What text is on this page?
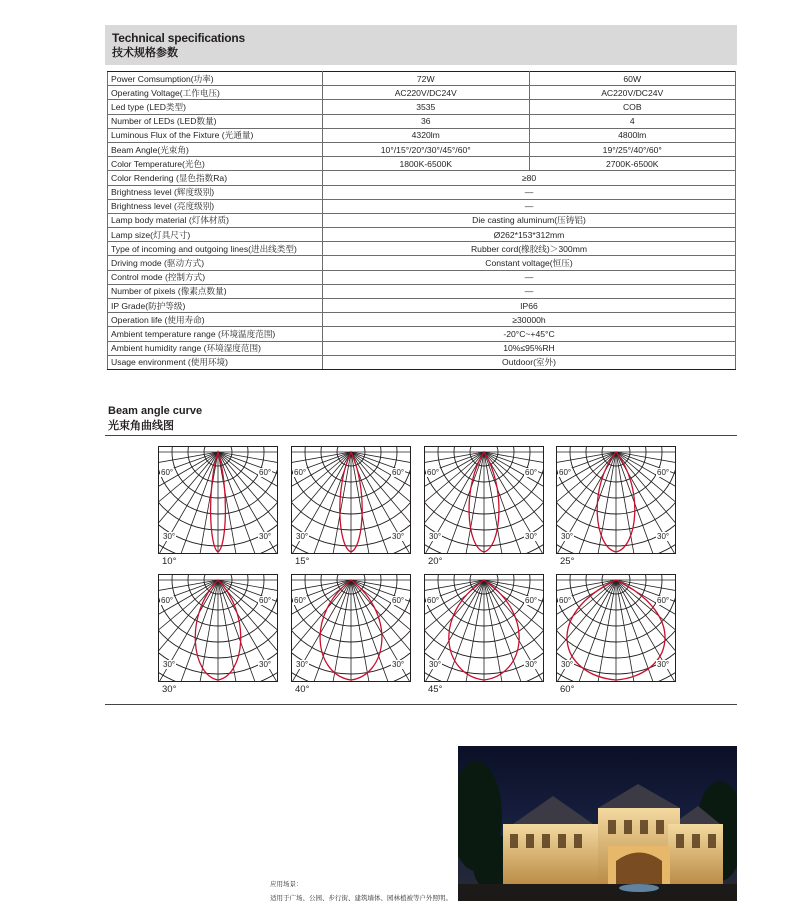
Technical specifications
技术规格参数
Power Comsumption(功率)	72W	60W
Operating Voltage(工作电压)	AC220V/DC24V	AC220V/DC24V
Led type (LED类型)	3535	COB
Number of LEDs (LED数量)	36	4
Luminous Flux of the Fixture (光通量)	4320lm	4800lm
Beam Angle(光束角)	10°/15°/20°/30°/45°/60°	19°/25°/40°/60°
Color Temperature(光色)	1800K-6500K	2700K-6500K
Color Rendering (显色指数Ra)	≥80	
Brightness level (辉度级别)	—	
Brightness level (亮度级别)	—	
Lamp body material (灯体材质)	Die casting aluminum(压铸铝)	
Lamp size(灯具尺寸)	Ø262*153*312mm	
Type of incoming and outgoing lines(进出线类型)	Rubber cord(橡胶线)＞300mm	
Driving mode (驱动方式)	Constant voltage(恒压)	
Control mode (控制方式)	—	
Number of pixels (像素点数量)	—	
IP Grade(防护等级)	IP66	
Operation life (使用寿命)	≥30000h	
Ambient temperature range (环境温度范围)	-20°C~+45°C	
Ambient humidity range (环境湿度范围)	10%≤95%RH	
Usage environment (使用环境)	Outdoor(室外)	
Beam angle curve
光束角曲线图
60°	60°
30°	30°
10°
60°	60°
30°	30°
15°
60°	60°
30°	30°
20°
60°	60°
30°	30°
25°
60°	60°
30°	30°
30°
60°	60°
30°	30°
40°
60°	60°
30°	30°
45°
60°	60°
30°	30°
60°
应用场景：
适用于广场、公园、步行街、建筑墙体、园林植被等户外照明。
